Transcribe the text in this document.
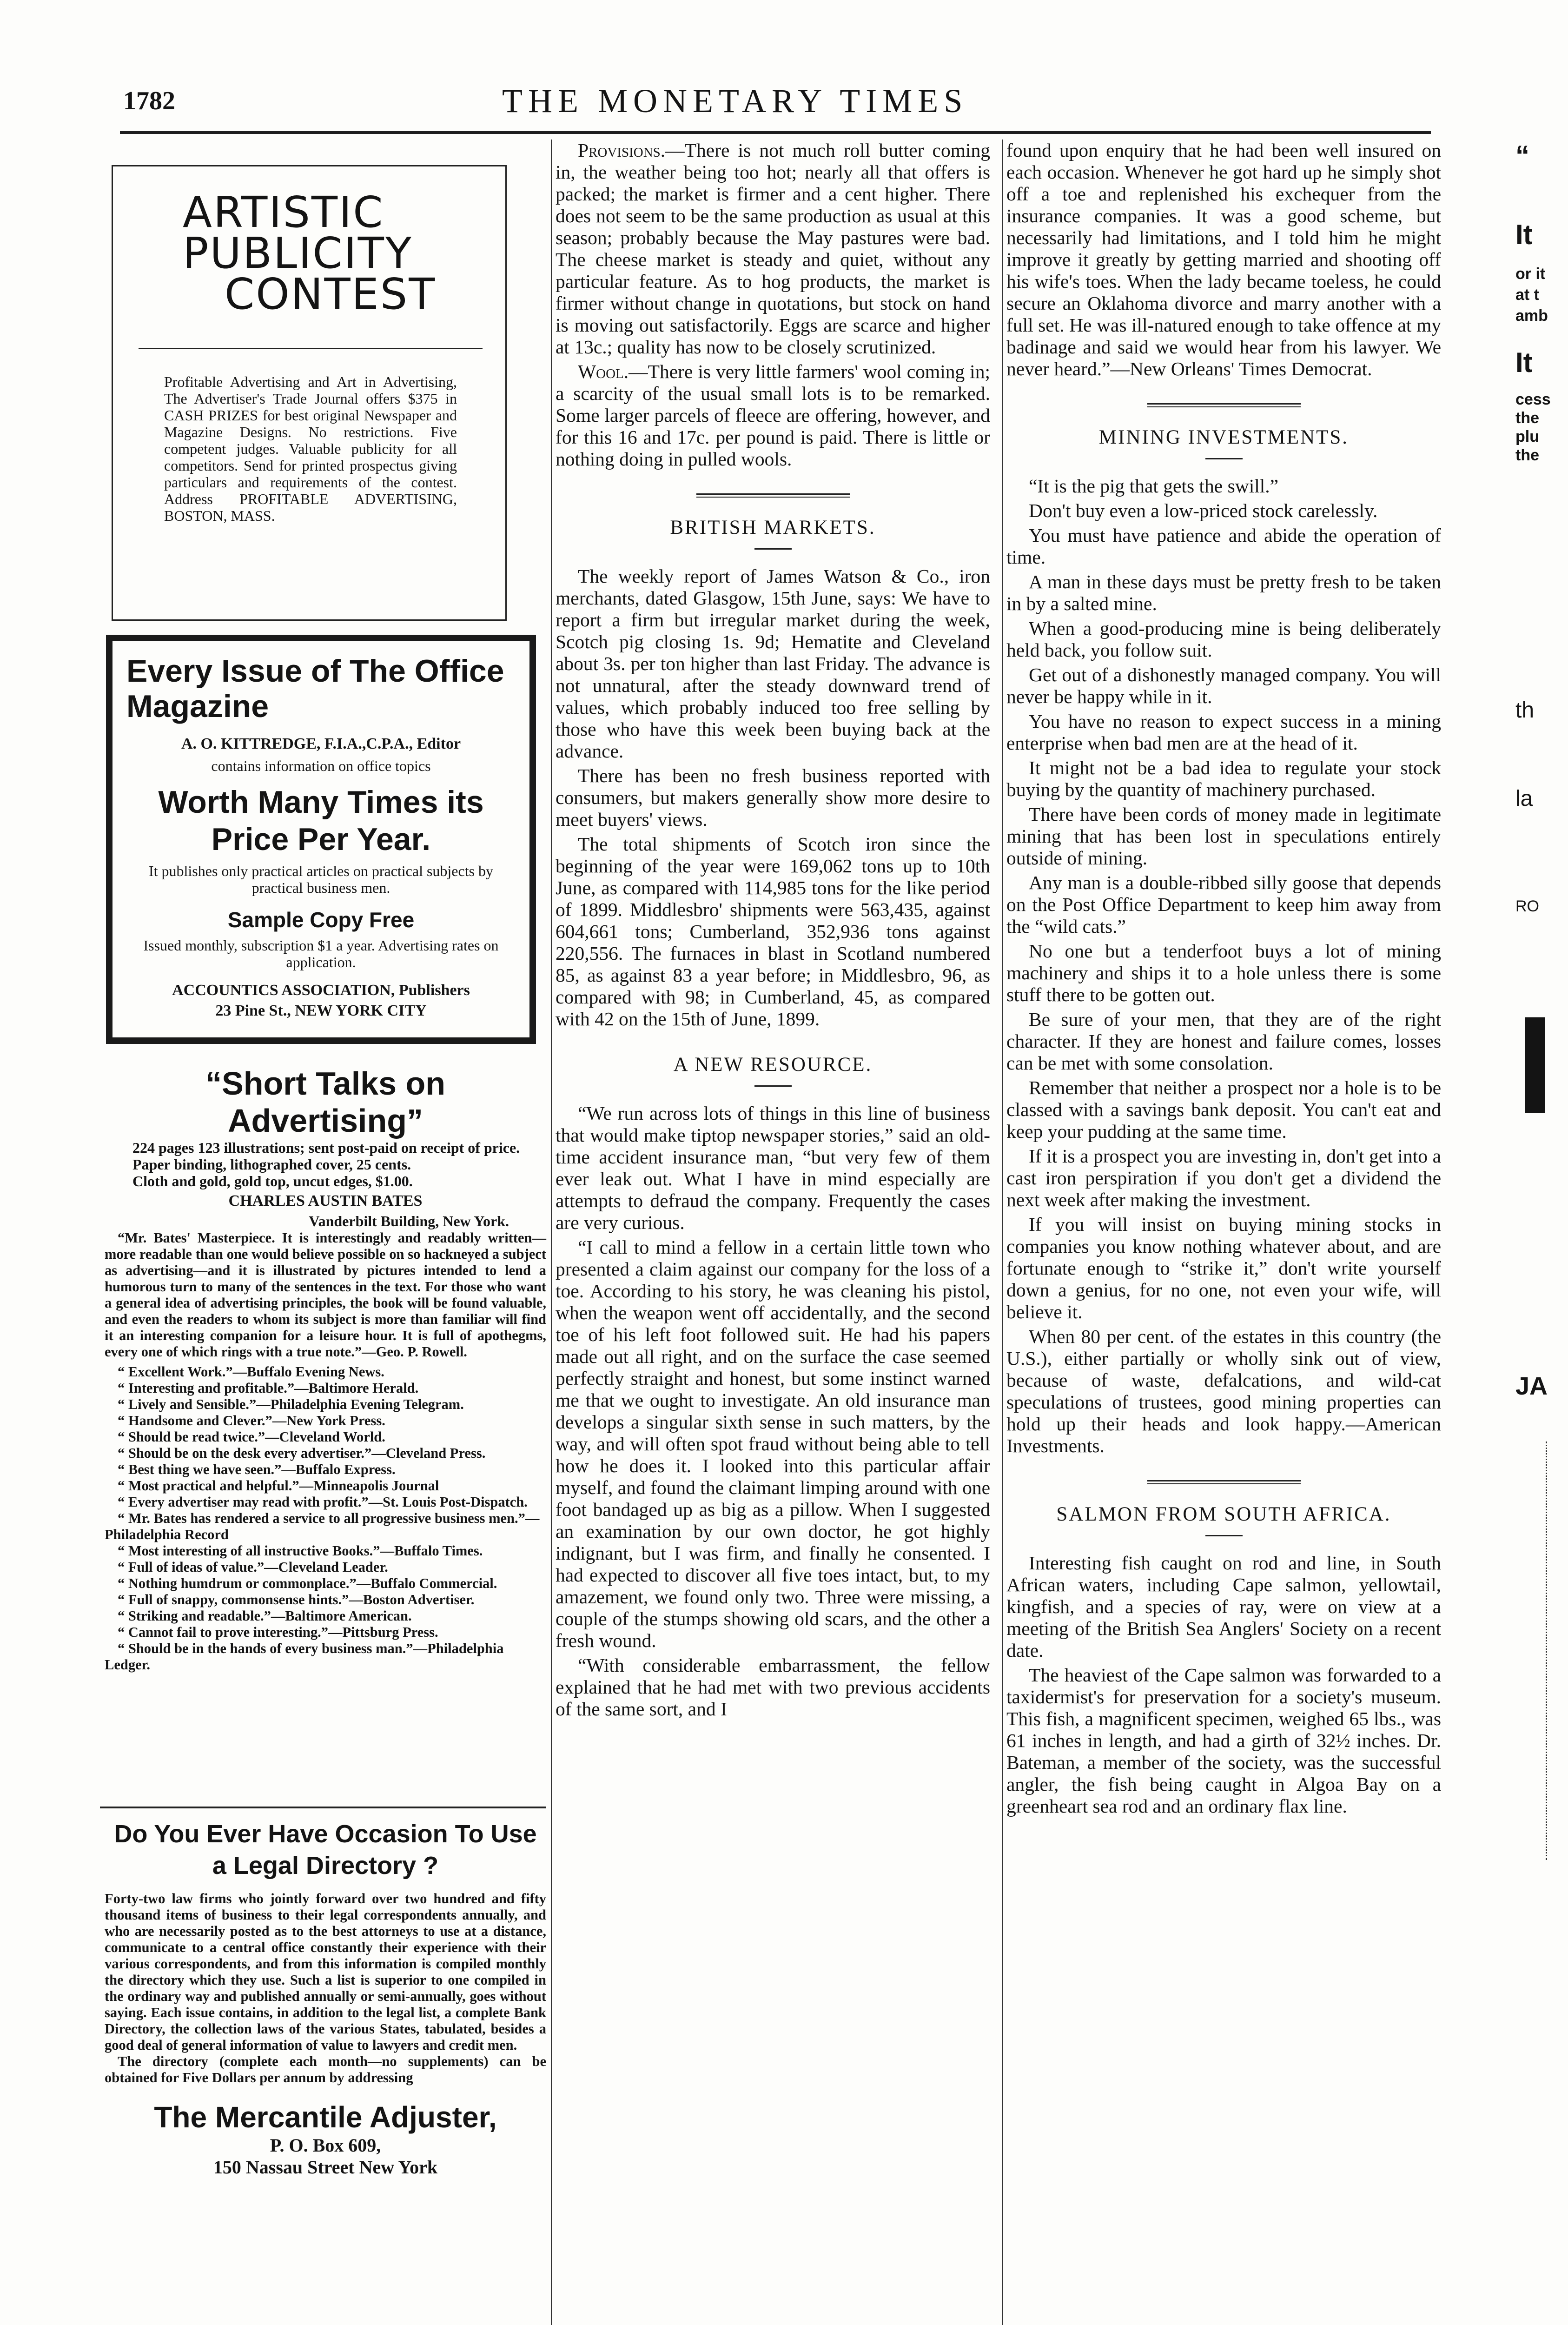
1782	THE MONETARY TIMES
ARTISTIC
PUBLICITY
CONTEST
Profitable Advertising and Art in Advertising, The Advertiser's Trade Journal offers $375 in CASH PRIZES for best original Newspaper and Magazine Designs. No restrictions. Five competent judges. Valuable publicity for all competitors. Send for printed prospectus giving particulars and requirements of the contest. Address PROFITABLE ADVERTISING, BOSTON, MASS.
Every Issue of The Office Magazine
A. O. KITTREDGE, F.I.A.,C.P.A., Editor
contains information on office topics
Worth Many Times its Price Per Year.
It publishes only practical articles on practical subjects by practical business men.
Sample Copy Free
Issued monthly, subscription $1 a year. Advertising rates on application.
ACCOUNTICS ASSOCIATION, Publishers
23 Pine St., NEW YORK CITY
“Short Talks on Advertising”
224 pages 123 illustrations; sent post-paid on receipt of price.
Paper binding, lithographed cover, 25 cents.
Cloth and gold, gold top, uncut edges, $1.00.
CHARLES AUSTIN BATES
Vanderbilt Building, New York.
“Mr. Bates' Masterpiece. It is interestingly and readably written—more readable than one would believe possible on so hackneyed a subject as advertising—and it is illustrated by pictures intended to lend a humorous turn to many of the sentences in the text. For those who want a general idea of advertising principles, the book will be found valuable, and even the readers to whom its subject is more than familiar will find it an interesting companion for a leisure hour. It is full of apothegms, every one of which rings with a true note.”—Geo. P. Rowell.
“ Excellent Work.”—Buffalo Evening News.
“ Interesting and profitable.”—Baltimore Herald.
“ Lively and Sensible.”—Philadelphia Evening Telegram.
“ Handsome and Clever.”—New York Press.
“ Should be read twice.”—Cleveland World.
“ Should be on the desk every advertiser.”—Cleveland Press.
“ Best thing we have seen.”—Buffalo Express.
“ Most practical and helpful.”—Minneapolis Journal
“ Every advertiser may read with profit.”—St. Louis Post-Dispatch.
“ Mr. Bates has rendered a service to all progressive business men.”—Philadelphia Record
“ Most interesting of all instructive Books.”—Buffalo Times.
“ Full of ideas of value.”—Cleveland Leader.
“ Nothing humdrum or commonplace.”—Buffalo Commercial.
“ Full of snappy, commonsense hints.”—Boston Advertiser.
“ Striking and readable.”—Baltimore American.
“ Cannot fail to prove interesting.”—Pittsburg Press.
“ Should be in the hands of every business man.”—Philadelphia Ledger.
Do You Ever Have Occasion To Use a Legal Directory ?
Forty-two law firms who jointly forward over two hundred and fifty thousand items of business to their legal correspondents annually, and who are necessarily posted as to the best attorneys to use at a distance, communicate to a central office constantly their experience with their various correspondents, and from this information is compiled monthly the directory which they use. Such a list is superior to one compiled in the ordinary way and published annually or semi-annually, goes without saying. Each issue contains, in addition to the legal list, a complete Bank Directory, the collection laws of the various States, tabulated, besides a good deal of general information of value to lawyers and credit men.
The directory (complete each month—no supplements) can be obtained for Five Dollars per annum by addressing
The Mercantile Adjuster,
P. O. Box 609,
150 Nassau Street New York

Provisions.—There is not much roll butter coming in, the weather being too hot; nearly all that offers is packed; the market is firmer and a cent higher. There does not seem to be the same production as usual at this season; probably because the May pastures were bad. The cheese market is steady and quiet, without any particular feature. As to hog products, the market is firmer without change in quotations, but stock on hand is moving out satisfactorily. Eggs are scarce and higher at 13c.; quality has now to be closely scrutinized.

Wool.—There is very little farmers' wool coming in; a scarcity of the usual small lots is to be remarked. Some larger parcels of fleece are offering, however, and for this 16 and 17c. per pound is paid. There is little or nothing doing in pulled wools.

BRITISH MARKETS.

The weekly report of James Watson & Co., iron merchants, dated Glasgow, 15th June, says: We have to report a firm but irregular market during the week, Scotch pig closing 1s. 9d; Hematite and Cleveland about 3s. per ton higher than last Friday. The advance is not unnatural, after the steady downward trend of values, which probably induced too free selling by those who have this week been buying back at the advance.

There has been no fresh business reported with consumers, but makers generally show more desire to meet buyers' views.

The total shipments of Scotch iron since the beginning of the year were 169,062 tons up to 10th June, as compared with 114,985 tons for the like period of 1899. Middlesbro' shipments were 563,435, against 604,661 tons; Cumberland, 352,936 tons against 220,556. The furnaces in blast in Scotland numbered 85, as against 83 a year before; in Middlesbro, 96, as compared with 98; in Cumberland, 45, as compared with 42 on the 15th of June, 1899.

A NEW RESOURCE.

“We run across lots of things in this line of business that would make tiptop newspaper stories,” said an old-time accident insurance man, “but very few of them ever leak out. What I have in mind especially are attempts to defraud the company. Frequently the cases are very curious.

“I call to mind a fellow in a certain little town who presented a claim against our company for the loss of a toe. According to his story, he was cleaning his pistol, when the weapon went off accidentally, and the second toe of his left foot followed suit. He had his papers made out all right, and on the surface the case seemed perfectly straight and honest, but some instinct warned me that we ought to investigate. An old insurance man develops a singular sixth sense in such matters, by the way, and will often spot fraud without being able to tell how he does it. I looked into this particular affair myself, and found the claimant limping around with one foot bandaged up as big as a pillow. When I suggested an examination by our own doctor, he got highly indignant, but I was firm, and finally he consented. I had expected to discover all five toes intact, but, to my amazement, we found only two. Three were missing, a couple of the stumps showing old scars, and the other a fresh wound.

“With considerable embarrassment, the fellow explained that he had met with two previous accidents of the same sort, and I

found upon enquiry that he had been well insured on each occasion. Whenever he got hard up he simply shot off a toe and replenished his exchequer from the insurance companies. It was a good scheme, but necessarily had limitations, and I told him he might improve it greatly by getting married and shooting off his wife's toes. When the lady became toeless, he could secure an Oklahoma divorce and marry another with a full set. He was ill-natured enough to take offence at my badinage and said we would hear from his lawyer. We never heard.”—New Orleans' Times Democrat.

MINING INVESTMENTS.

“It is the pig that gets the swill.”

Don't buy even a low-priced stock carelessly.

You must have patience and abide the operation of time.

A man in these days must be pretty fresh to be taken in by a salted mine.

When a good-producing mine is being deliberately held back, you follow suit.

Get out of a dishonestly managed company. You will never be happy while in it.

You have no reason to expect success in a mining enterprise when bad men are at the head of it.

It might not be a bad idea to regulate your stock buying by the quantity of machinery purchased.

There have been cords of money made in legitimate mining that has been lost in speculations entirely outside of mining.

Any man is a double-ribbed silly goose that depends on the Post Office Department to keep him away from the “wild cats.”

No one but a tenderfoot buys a lot of mining machinery and ships it to a hole unless there is some stuff there to be gotten out.

Be sure of your men, that they are of the right character. If they are honest and failure comes, losses can be met with some consolation.

Remember that neither a prospect nor a hole is to be classed with a savings bank deposit. You can't eat and keep your pudding at the same time.

If it is a prospect you are investing in, don't get into a cast iron perspiration if you don't get a dividend the next week after making the investment.

If you will insist on buying mining stocks in companies you know nothing whatever about, and are fortunate enough to “strike it,” don't write yourself down a genius, for no one, not even your wife, will believe it.

When 80 per cent. of the estates in this country (the U.S.), either partially or wholly sink out of view, because of waste, defalcations, and wild-cat speculations of trustees, good mining properties can hold up their heads and look happy.—American Investments.

SALMON FROM SOUTH AFRICA.

Interesting fish caught on rod and line, in South African waters, including Cape salmon, yellowtail, kingfish, and a species of ray, were on view at a meeting of the British Sea Anglers' Society on a recent date.

The heaviest of the Cape salmon was forwarded to a taxidermist's for preservation for a society's museum. This fish, a magnificent specimen, weighed 65 lbs., was 61 inches in length, and had a girth of 32½ inches. Dr. Bateman, a member of the society, was the successful angler, the fish being caught in Algoa Bay on a greenheart sea rod and an ordinary flax line.

“
It
or it
at t
amb
It
cess
the
plu
the
th
la
RO
I
JA
